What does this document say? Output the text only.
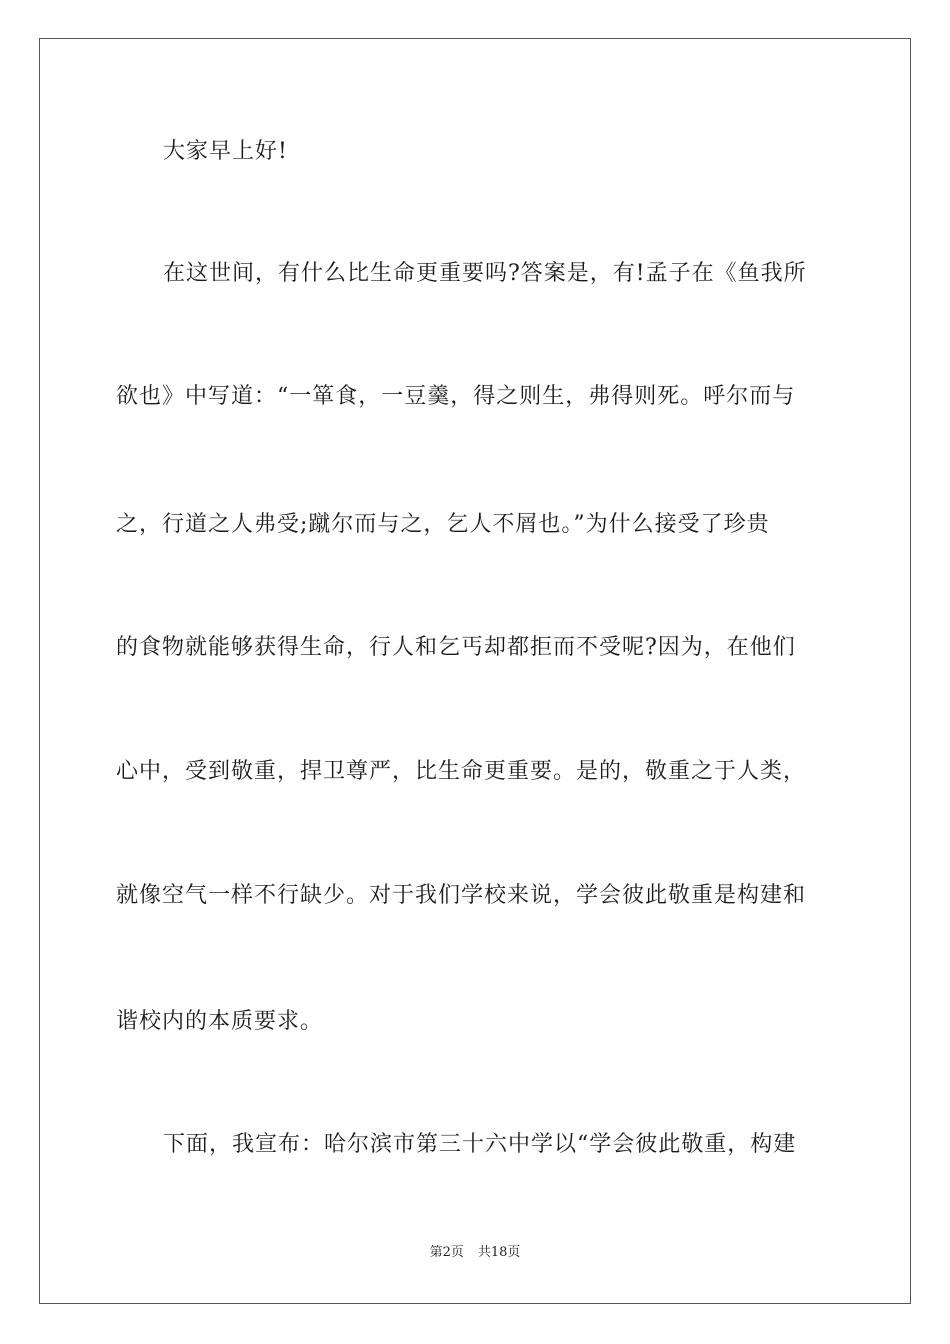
大家早上好!
在这世间，有什么比生命更重要吗?答案是，有!孟子在《鱼我所
欲也》中写道：“一箪食，一豆羹，得之则生，弗得则死。呼尔而与
之，行道之人弗受;蹴尔而与之，乞人不屑也。”为什么接受了珍贵
的食物就能够获得生命，行人和乞丐却都拒而不受呢?因为，在他们
心中，受到敬重，捍卫尊严，比生命更重要。是的，敬重之于人类，
就像空气一样不行缺少。对于我们学校来说，学会彼此敬重是构建和
谐校内的本质要求。
下面，我宣布：哈尔滨市第三十六中学以“学会彼此敬重，构建
第2页 共18页
